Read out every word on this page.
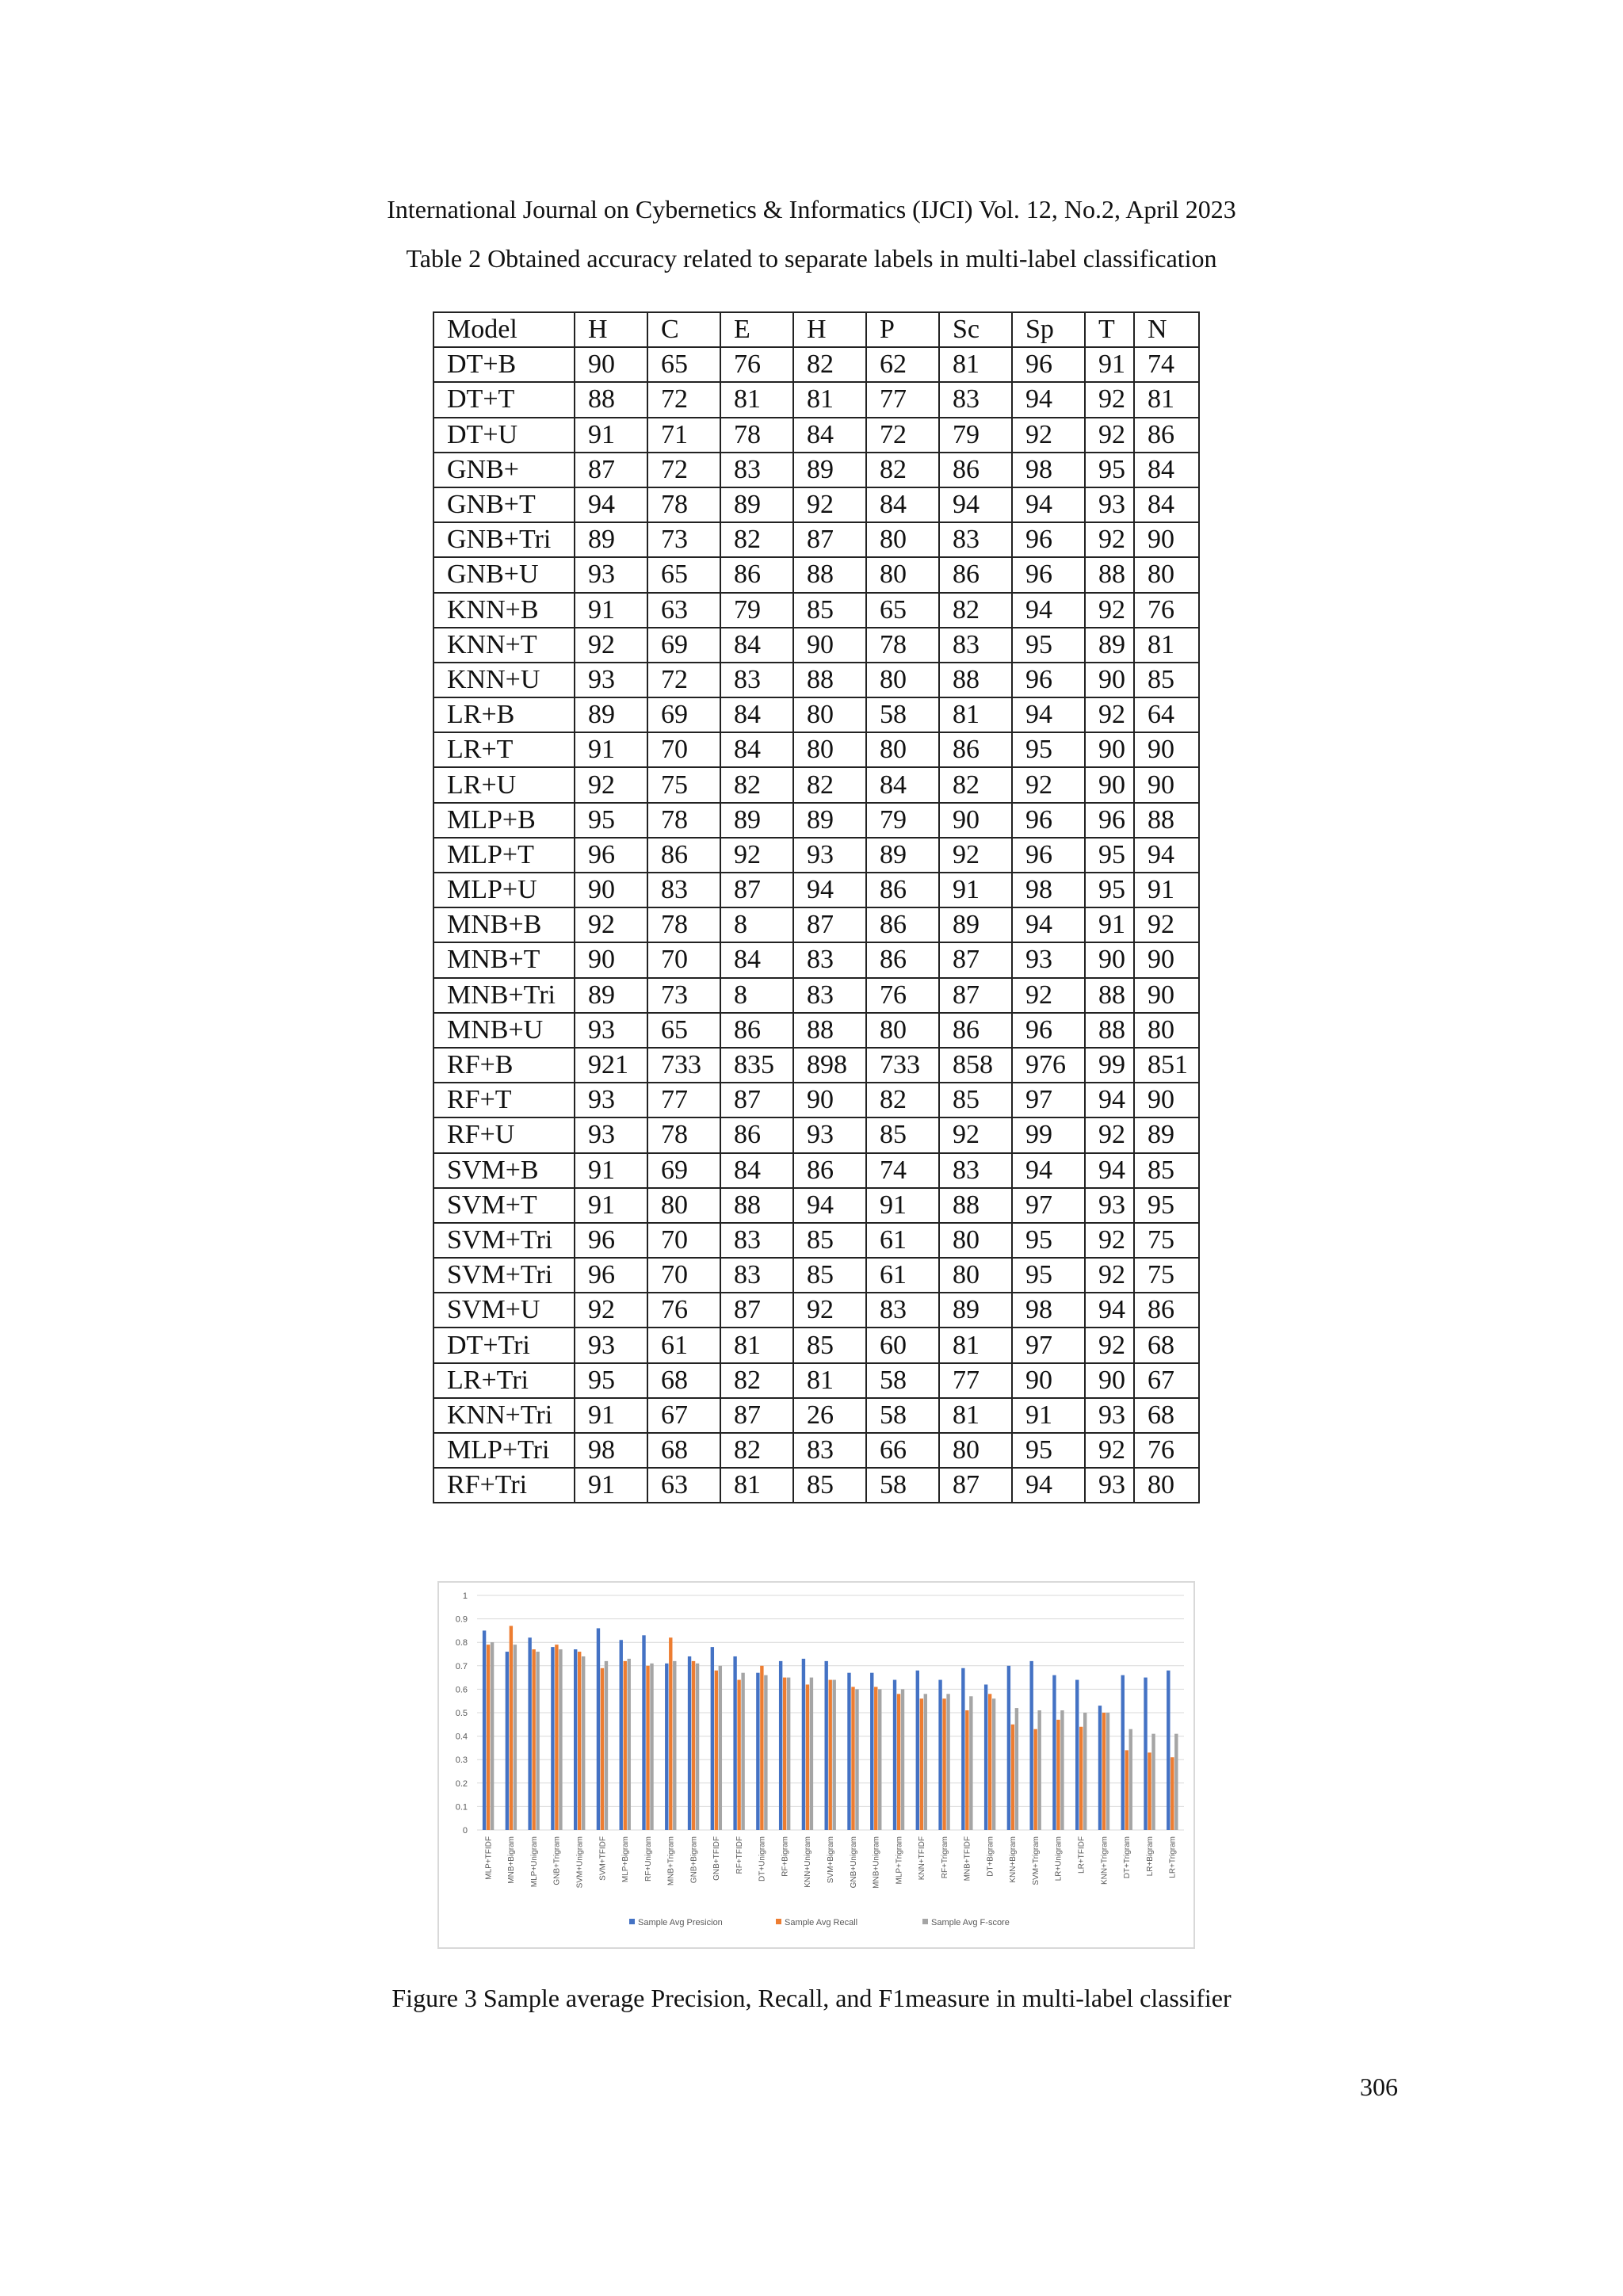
International Journal on Cybernetics & Informatics (IJCI) Vol. 12, No.2, April 2023
Table 2 Obtained accuracy related to separate labels in multi-label classification
Model	H	C	E	H	P	Sc	Sp	T	N
DT+B	90	65	76	82	62	81	96	91	74
DT+T	88	72	81	81	77	83	94	92	81
DT+U	91	71	78	84	72	79	92	92	86
GNB+	87	72	83	89	82	86	98	95	84
GNB+T	94	78	89	92	84	94	94	93	84
GNB+Tri	89	73	82	87	80	83	96	92	90
GNB+U	93	65	86	88	80	86	96	88	80
KNN+B	91	63	79	85	65	82	94	92	76
KNN+T	92	69	84	90	78	83	95	89	81
KNN+U	93	72	83	88	80	88	96	90	85
LR+B	89	69	84	80	58	81	94	92	64
LR+T	91	70	84	80	80	86	95	90	90
LR+U	92	75	82	82	84	82	92	90	90
MLP+B	95	78	89	89	79	90	96	96	88
MLP+T	96	86	92	93	89	92	96	95	94
MLP+U	90	83	87	94	86	91	98	95	91
MNB+B	92	78	8	87	86	89	94	91	92
MNB+T	90	70	84	83	86	87	93	90	90
MNB+Tri	89	73	8	83	76	87	92	88	90
MNB+U	93	65	86	88	80	86	96	88	80
RF+B	921	733	835	898	733	858	976	99	851
RF+T	93	77	87	90	82	85	97	94	90
RF+U	93	78	86	93	85	92	99	92	89
SVM+B	91	69	84	86	74	83	94	94	85
SVM+T	91	80	88	94	91	88	97	93	95
SVM+Tri	96	70	83	85	61	80	95	92	75
SVM+Tri	96	70	83	85	61	80	95	92	75
SVM+U	92	76	87	92	83	89	98	94	86
DT+Tri	93	61	81	85	60	81	97	92	68
LR+Tri	95	68	82	81	58	77	90	90	67
KNN+Tri	91	67	87	26	58	81	91	93	68
MLP+Tri	98	68	82	83	66	80	95	92	76
RF+Tri	91	63	81	85	58	87	94	93	80
0
0.1
0.2
0.3
0.4
0.5
0.6
0.7
0.8
0.9
1
MLP+TFIDF MNB+Bigram MLP+Unigram GNB+Trigram SVM+Unigram SVM+TFIDF MLP+Bigram RF+Unigram MNB+Trigram GNB+Bigram GNB+TFIDF RF+TFIDF DT+Unigram RF+Bigram KNN+Unigram SVM+Bigram GNB+Unigram MNB+Unigram MLP+Trigram KNN+TFIDF RF+Trigram MNB+TFIDF DT+Bigram KNN+Bigram SVM+Trigram LR+Unigram LR+TFIDF KNN+Trigram DT+Trigram LR+Bigram LR+Trigram
Sample Avg Presicion	Sample Avg Recall	Sample Avg F-score
Figure 3 Sample average Precision, Recall, and F1measure in multi-label classifier
306
